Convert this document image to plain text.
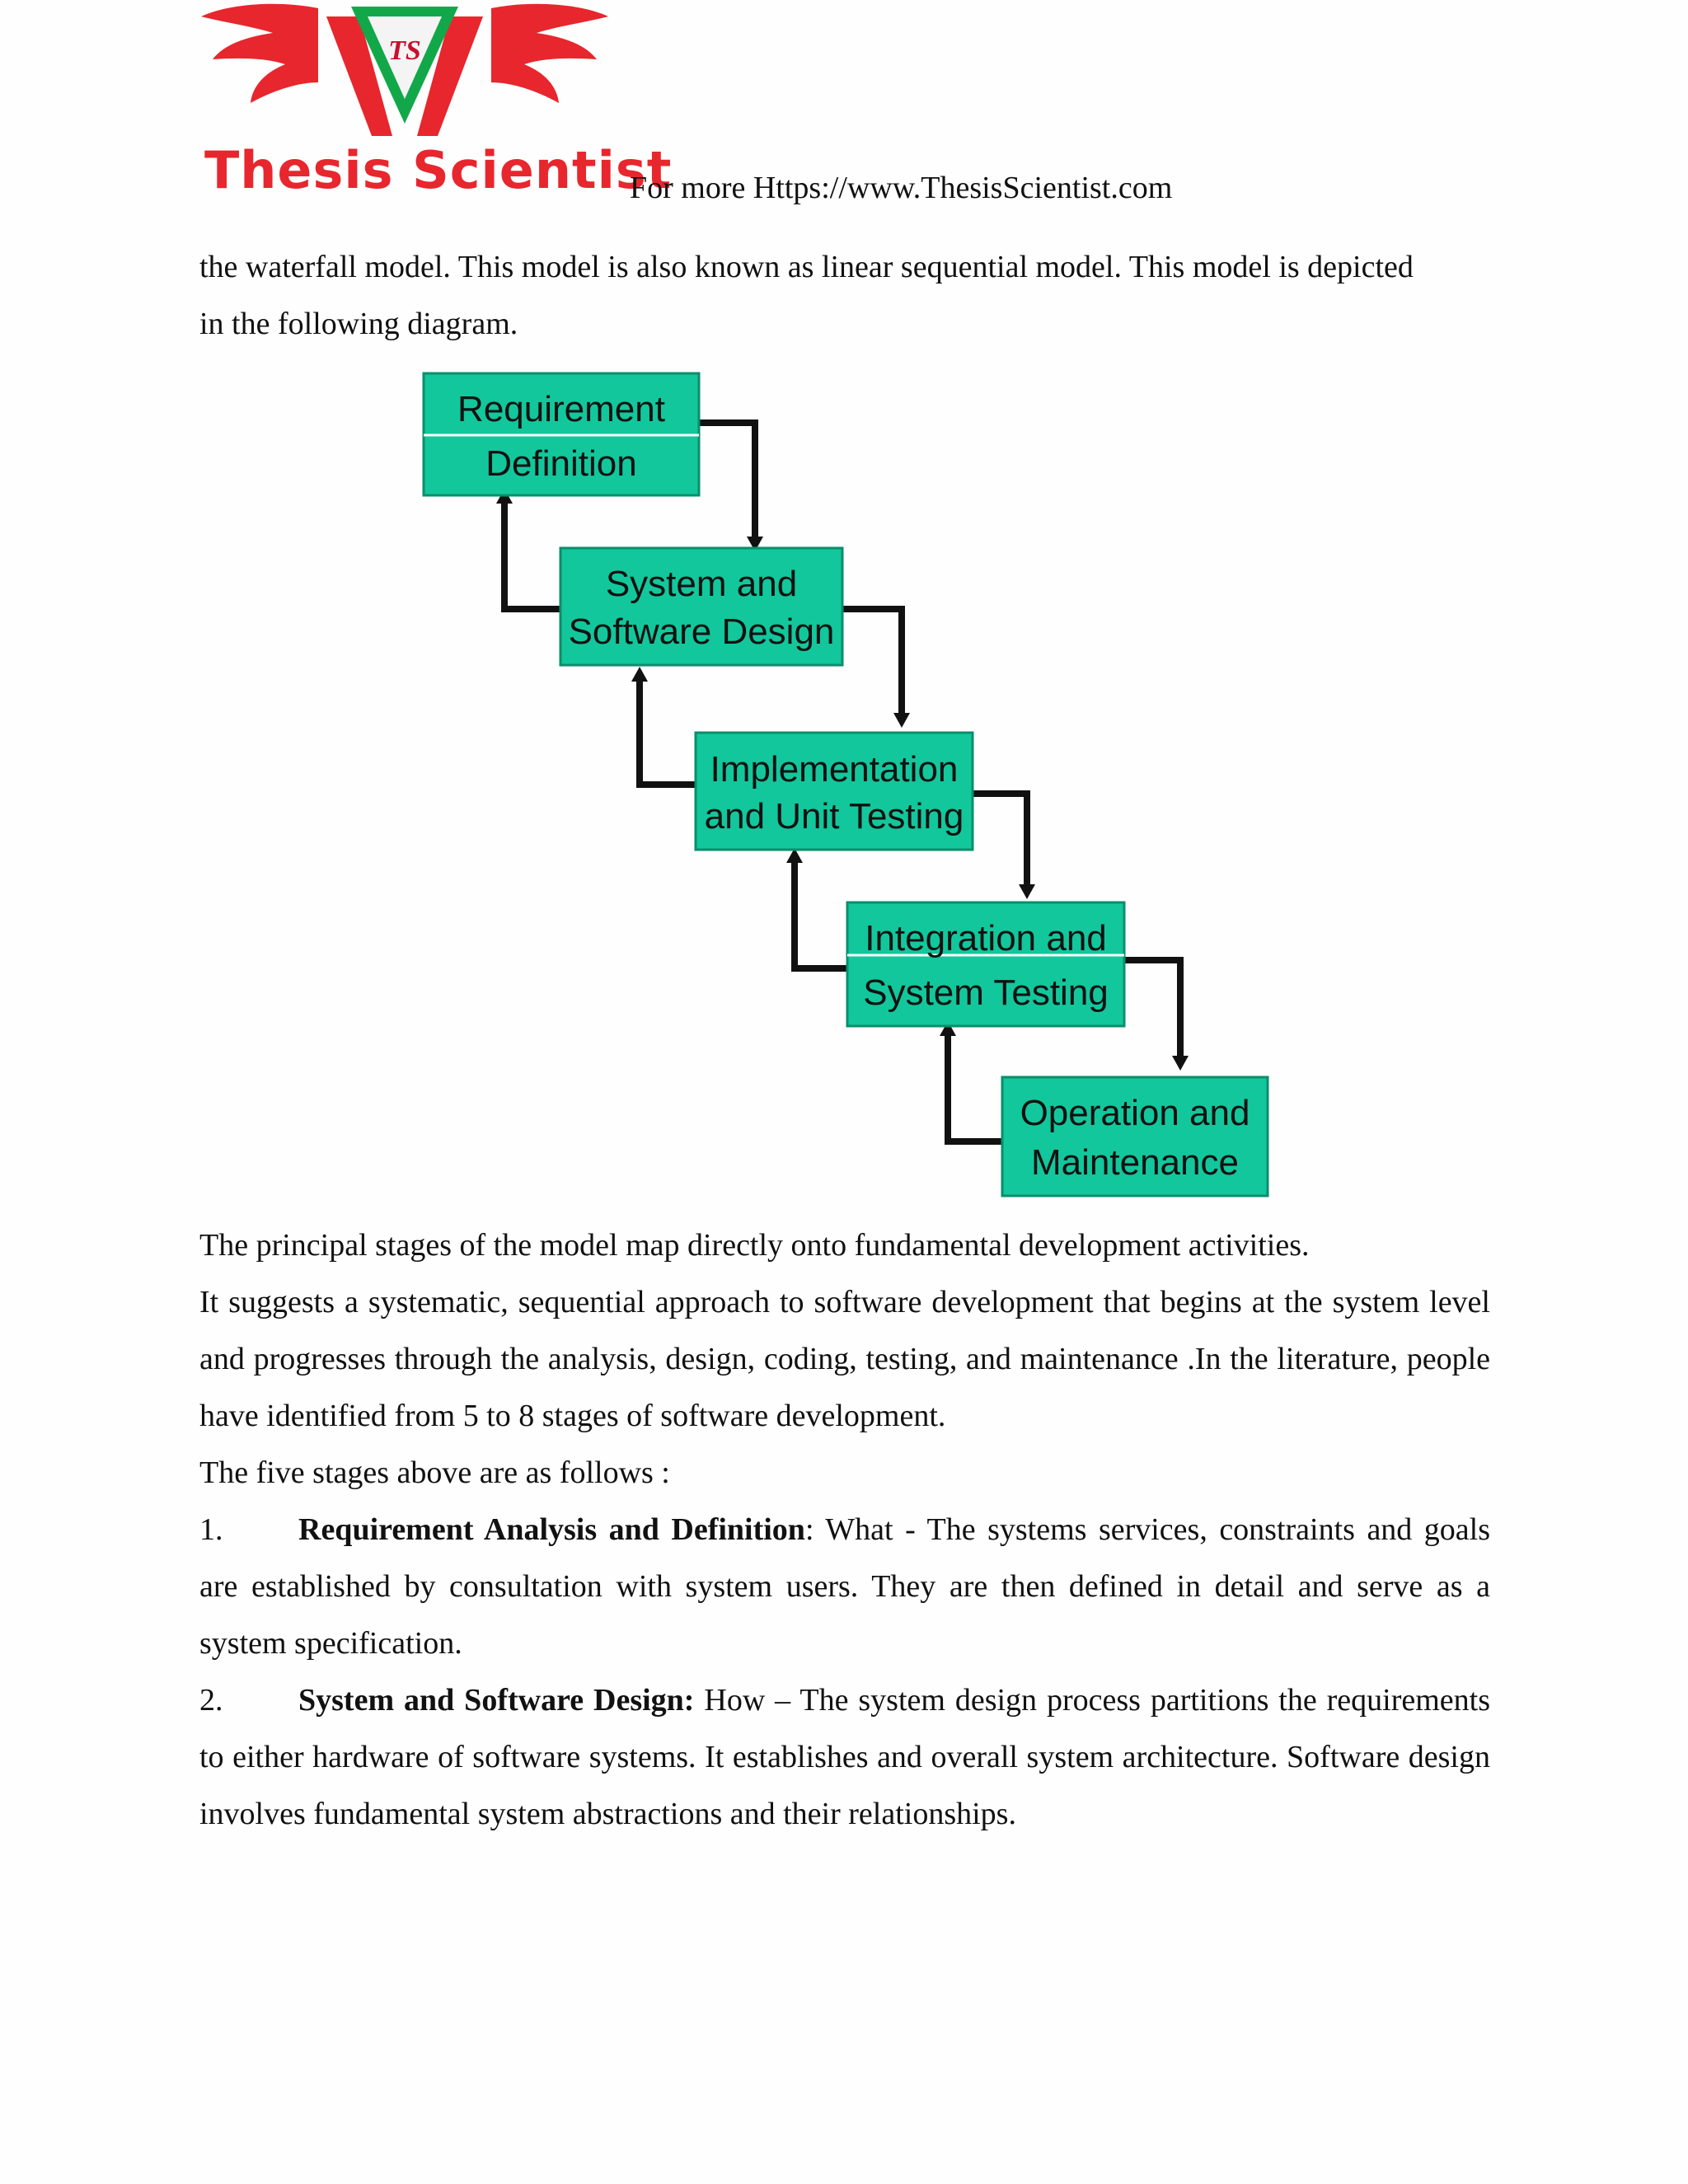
TS
Thesis Scientist
For more Https://www.ThesisScientist.com

the waterfall model. This model is also known as linear sequential model. This model is depicted

in the following diagram.

Requirement
Definition
System and
Software Design
Implementation
and Unit Testing
Integration and
System Testing
Operation and
Maintenance

The principal stages of the model map directly onto fundamental development activities.

It suggests a systematic, sequential approach to software development that begins at the system level and progresses through the analysis, design, coding, testing, and maintenance .In the literature, people have identified from 5 to 8 stages of software development.

The five stages above are as follows :

1. Requirement Analysis and Definition: What - The systems services, constraints and goals are established by consultation with system users. They are then defined in detail and serve as a system specification.

2. System and Software Design: How – The system design process partitions the requirements to either hardware of software systems. It establishes and overall system architecture. Software design involves fundamental system abstractions and their relationships.
